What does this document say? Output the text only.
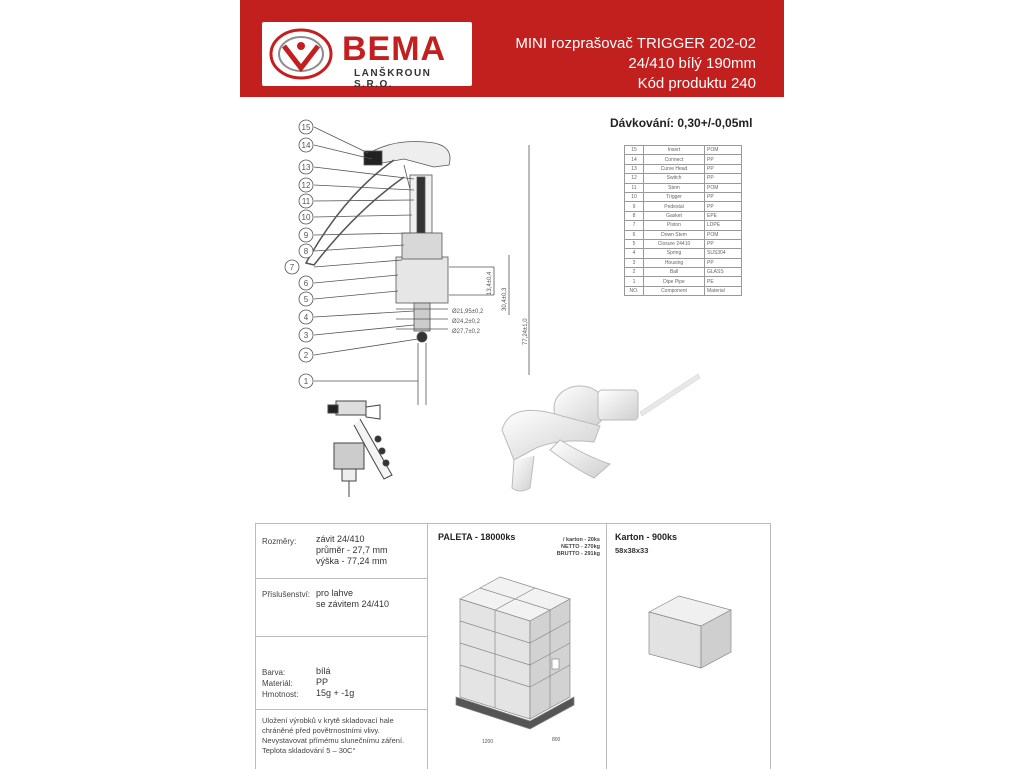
BEMA
LANŠKROUN S.R.O.
MINI rozprašovač TRIGGER 202-02
24/410 bílý 190mm
Kód produktu 240
Dávkování: 0,30+/-0,05ml
15
14
13
12
11
10
9
8
7
6
5
4
3
2
1
Ø21,95±0,2
Ø24,2±0,2
Ø27,7±0,2
13,4±0,4
30,4±0,3
77,24±1,0
15	Insert	POM
14	Connect	PP
13	Curve Head	PP
12	Switch	PP
11	Stem	POM
10	Trigger	PP
9	Pedestal	PP
8	Gasket	EPE
7	Piston	LDPE
6	Down Stem	POM
5	Closure 24410	PP
4	Spring	SUS304
3	Housing	PP
2	Ball	GLASS
1	Dipe Pipe	PE
NO.	Component	Material
Rozměry: závit 24/410
průměr - 27,7 mm
výška - 77,24 mm
Příslušenství: pro lahve
se závitem 24/410
Barva:	bílá
Materiál:	PP
Hmotnost: 15g + -1g
Uložení výrobků v krytě skladovací hale
chráněné před povětrnostními vlivy.
Nevystavovat přímému slunečnímu záření.
Teplota skladování 5 – 30C°
PALETA - 18000ks	/ karton - 20ks
NETTO - 270kg
BRUTTO - 291kg
1200	800
Karton - 900ks
58x38x33
